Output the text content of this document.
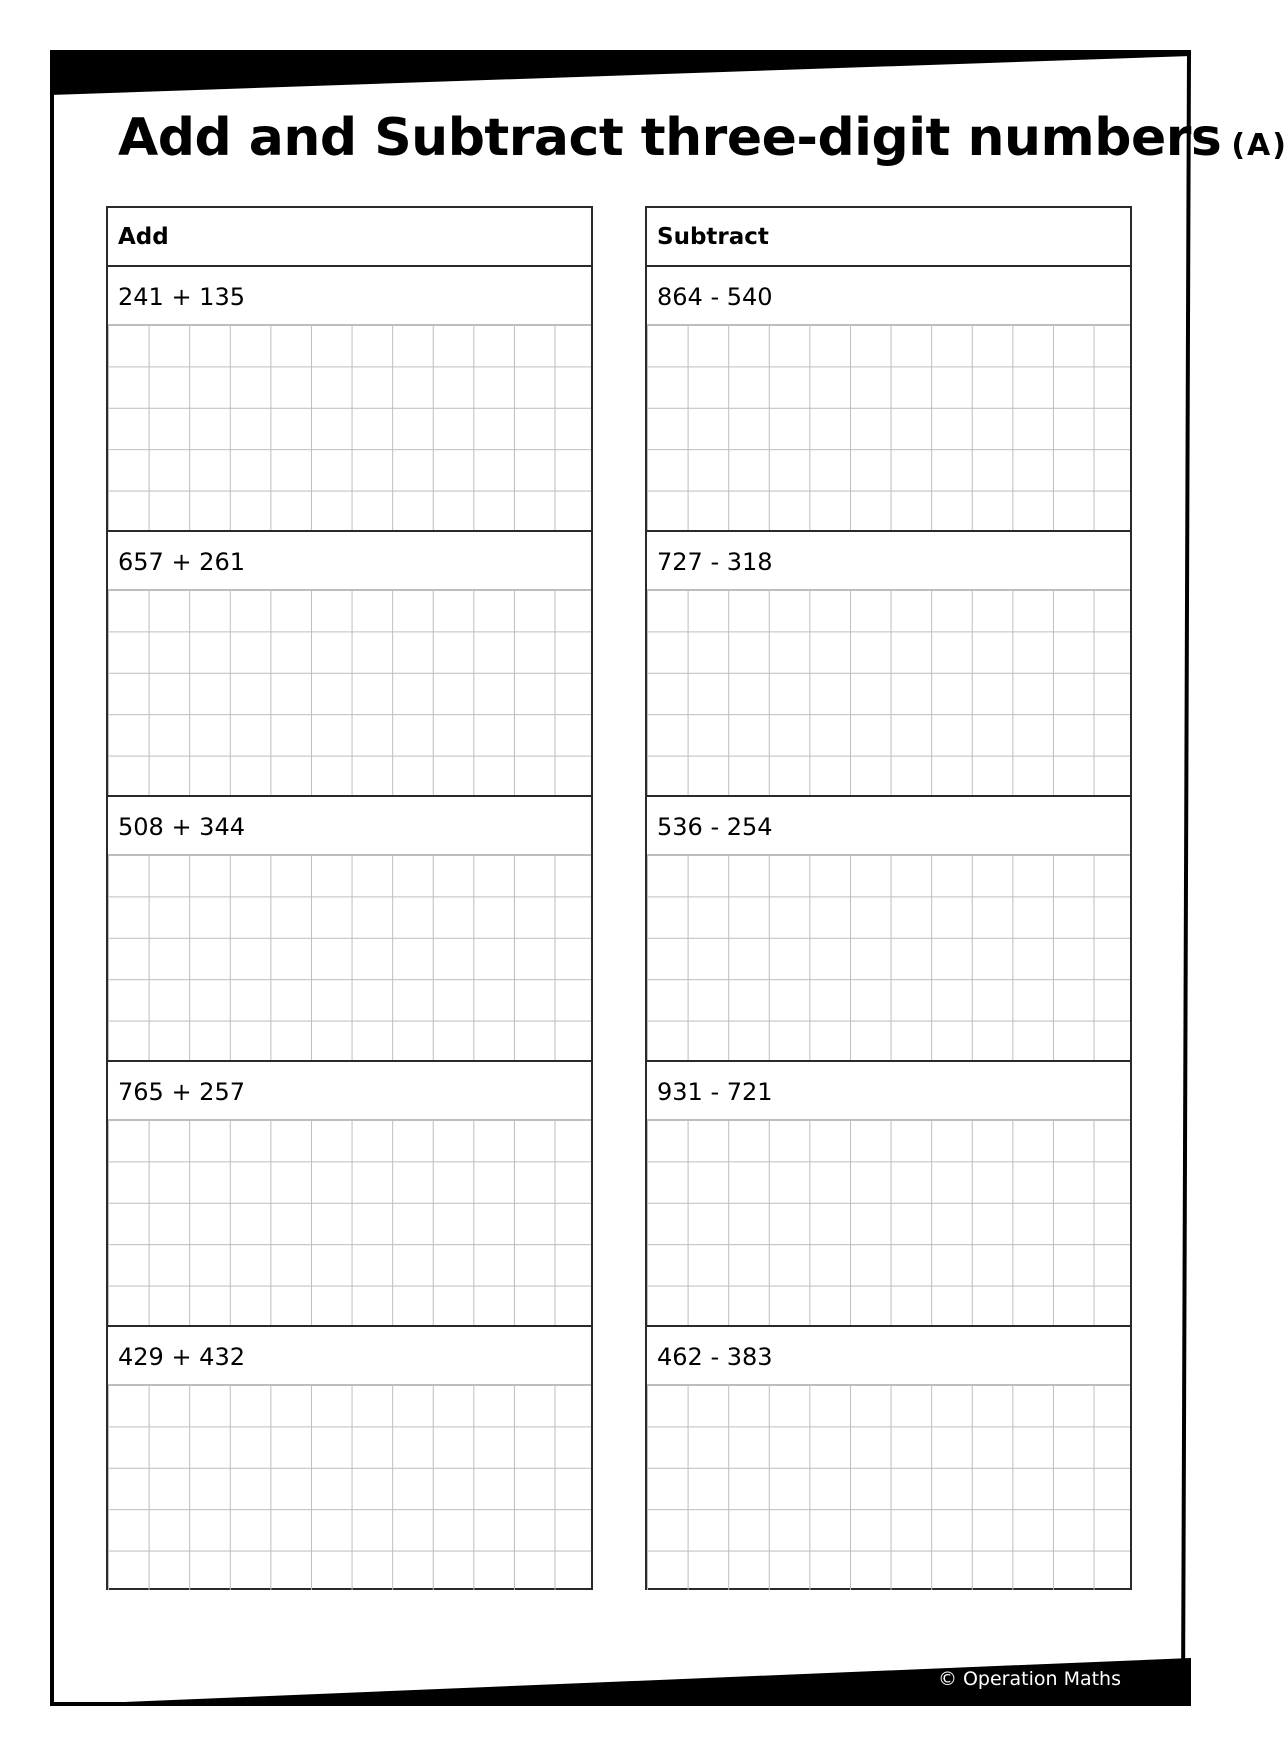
Add and Subtract three-digit numbers (A)
Add
241 + 135
657 + 261
508 + 344
765 + 257
429 + 432
Subtract
864 - 540
727 - 318
536 - 254
931 - 721
462 - 383
© Operation Maths
